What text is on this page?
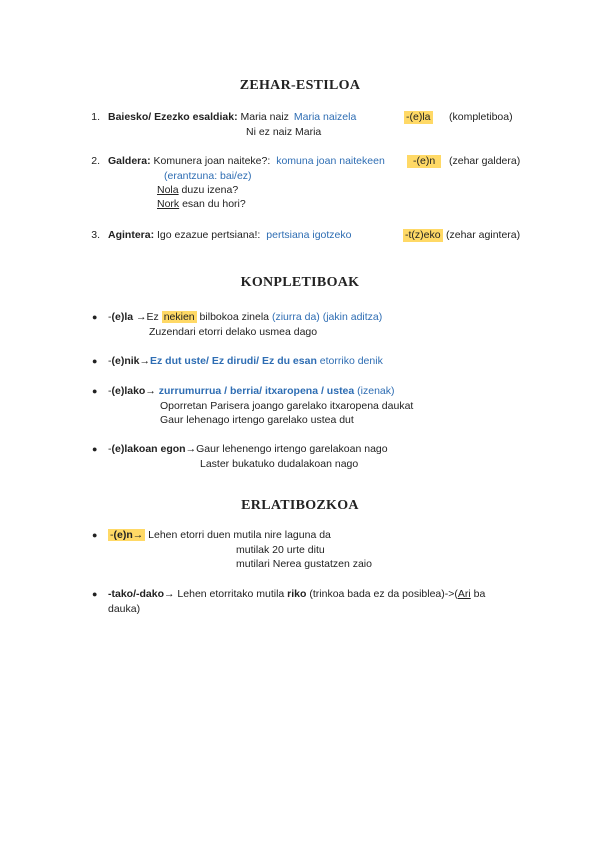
ZEHAR-ESTILOA
1. Baiesko/ Ezezko esaldiak: Maria naiz Maria naizela	-(e)la (kompletiboa)
Ni ez naiz Maria
2. Galdera: Komunera joan naiteke?: komuna joan naitekeen	-(e)n	(zehar galdera)
(erantzuna: bai/ez)
Nola duzu izena?
Nork esan du hori?
3. Agintera: Igo ezazue pertsiana!: pertsiana igotzeko	-t(z)eko (zehar agintera)
KONPLETIBOAK
● -(e)la →Ez nekien bilbokoa zinela (ziurra da) (jakin aditza)
Zuzendari etorri delako usmea dago
● -(e)nik→Ez dut uste/ Ez dirudi/ Ez du esan etorriko denik
● -(e)lako→ zurrumurrua / berria/ itxaropena / ustea (izenak)
Oporretan Parisera joango garelako itxaropena daukat
Gaur lehenago irtengo garelako ustea dut
● -(e)lakoan egon→Gaur lehenengo irtengo garelakoan nago
Laster bukatuko dudalakoan nago
ERLATIBOZKOA
● -(e)n→ Lehen etorri duen mutila nire laguna da
mutilak 20 urte ditu
mutilari Nerea gustatzen zaio
● -tako/-dako→ Lehen etorritako mutila riko (trinkoa bada ez da posiblea)->(Ari ba
dauka)
